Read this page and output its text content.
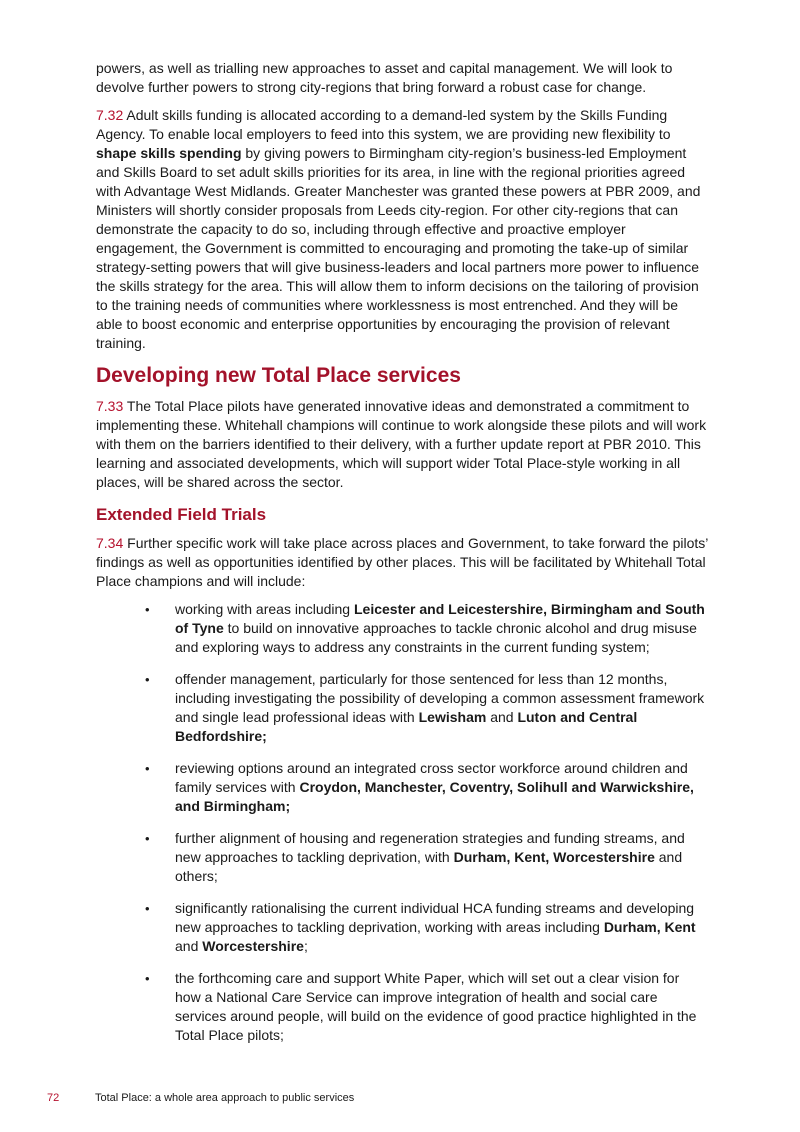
powers, as well as trialling new approaches to asset and capital management. We will look to devolve further powers to strong city-regions that bring forward a robust case for change.

7.32 Adult skills funding is allocated according to a demand-led system by the Skills Funding Agency. To enable local employers to feed into this system, we are providing new flexibility to shape skills spending by giving powers to Birmingham city-region’s business-led Employment and Skills Board to set adult skills priorities for its area, in line with the regional priorities agreed with Advantage West Midlands. Greater Manchester was granted these powers at PBR 2009, and Ministers will shortly consider proposals from Leeds city-region. For other city-regions that can demonstrate the capacity to do so, including through effective and proactive employer engagement, the Government is committed to encouraging and promoting the take-up of similar strategy-setting powers that will give business-leaders and local partners more power to influence the skills strategy for the area. This will allow them to inform decisions on the tailoring of provision to the training needs of communities where worklessness is most entrenched. And they will be able to boost economic and enterprise opportunities by encouraging the provision of relevant training.

Developing new Total Place services

7.33 The Total Place pilots have generated innovative ideas and demonstrated a commitment to implementing these. Whitehall champions will continue to work alongside these pilots and will work with them on the barriers identified to their delivery, with a further update report at PBR 2010. This learning and associated developments, which will support wider Total Place-style working in all places, will be shared across the sector.

Extended Field Trials

7.34 Further specific work will take place across places and Government, to take forward the pilots’ findings as well as opportunities identified by other places. This will be facilitated by Whitehall Total Place champions and will include:

• working with areas including Leicester and Leicestershire, Birmingham and South of Tyne to build on innovative approaches to tackle chronic alcohol and drug misuse and exploring ways to address any constraints in the current funding system;
• offender management, particularly for those sentenced for less than 12 months, including investigating the possibility of developing a common assessment framework and single lead professional ideas with Lewisham and Luton and Central Bedfordshire;
• reviewing options around an integrated cross sector workforce around children and family services with Croydon, Manchester, Coventry, Solihull and Warwickshire, and Birmingham;
• further alignment of housing and regeneration strategies and funding streams, and new approaches to tackling deprivation, with Durham, Kent, Worcestershire and others;
• significantly rationalising the current individual HCA funding streams and developing new approaches to tackling deprivation, working with areas including Durham, Kent and Worcestershire;
• the forthcoming care and support White Paper, which will set out a clear vision for how a National Care Service can improve integration of health and social care services around people, will build on the evidence of good practice highlighted in the Total Place pilots;
72	Total Place: a whole area approach to public services
